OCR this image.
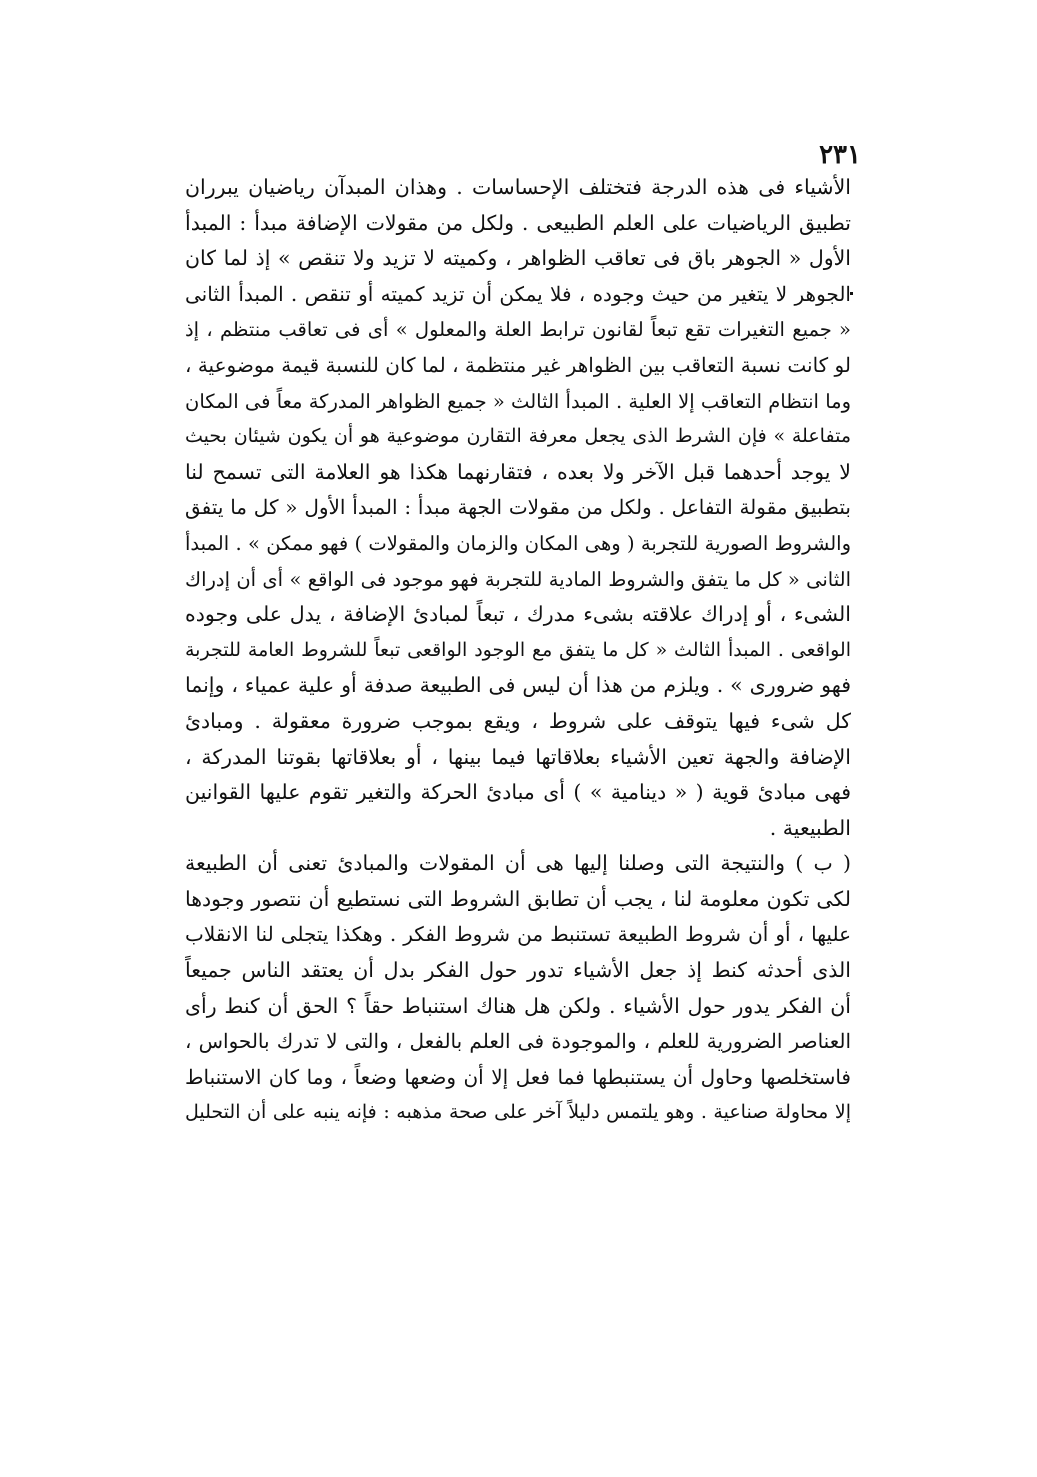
٢٣١

الأشياء فى هذه الدرجة فتختلف الإحساسات . وهذان المبدآن رياضيان يبرران
تطبيق الرياضيات على العلم الطبيعى . ولكل من مقولات الإضافة مبدأ : المبدأ
الأول « الجوهر باق فى تعاقب الظواهر ، وكميته لا تزيد ولا تنقص » إذ لما كان
الجوهر لا يتغير من حيث وجوده ، فلا يمكن أن تزيد كميته أو تنقص . المبدأ الثانى
« جميع التغيرات تقع تبعاً لقانون ترابط العلة والمعلول » أى فى تعاقب منتظم ، إذ
لو كانت نسبة التعاقب بين الظواهر غير منتظمة ، لما كان للنسبة قيمة موضوعية ،
وما انتظام التعاقب إلا العلية . المبدأ الثالث « جميع الظواهر المدركة معاً فى المكان
متفاعلة » فإن الشرط الذى يجعل معرفة التقارن موضوعية هو أن يكون شيئان بحيث
لا يوجد أحدهما قبل الآخر ولا بعده ، فتقارنهما هكذا هو العلامة التى تسمح لنا
بتطبيق مقولة التفاعل . ولكل من مقولات الجهة مبدأ : المبدأ الأول « كل ما يتفق
والشروط الصورية للتجربة ( وهى المكان والزمان والمقولات ) فهو ممكن » . المبدأ
الثانى « كل ما يتفق والشروط المادية للتجربة فهو موجود فى الواقع » أى أن إدراك
الشىء ، أو إدراك علاقته بشىء مدرك ، تبعاً لمبادئ الإضافة ، يدل على وجوده
الواقعى . المبدأ الثالث « كل ما يتفق مع الوجود الواقعى تبعاً للشروط العامة للتجربة
فهو ضرورى » . ويلزم من هذا أن ليس فى الطبيعة صدفة أو علية عمياء ، وإنما
كل شىء فيها يتوقف على شروط ، ويقع بموجب ضرورة معقولة . ومبادئ
الإضافة والجهة تعين الأشياء بعلاقاتها فيما بينها ، أو بعلاقاتها بقوتنا المدركة ،
فهى مبادئ قوية ( « دينامية » ) أى مبادئ الحركة والتغير تقوم عليها القوانين
الطبيعية .

( ب ) والنتيجة التى وصلنا إليها هى أن المقولات والمبادئ تعنى أن الطبيعة
لكى تكون معلومة لنا ، يجب أن تطابق الشروط التى نستطيع أن نتصور وجودها
عليها ، أو أن شروط الطبيعة تستنبط من شروط الفكر . وهكذا يتجلى لنا الانقلاب
الذى أحدثه كنط إذ جعل الأشياء تدور حول الفكر بدل أن يعتقد الناس جميعاً
أن الفكر يدور حول الأشياء . ولكن هل هناك استنباط حقاً ؟ الحق أن كنط رأى
العناصر الضرورية للعلم ، والموجودة فى العلم بالفعل ، والتى لا تدرك بالحواس ،
فاستخلصها وحاول أن يستنبطها فما فعل إلا أن وضعها وضعاً ، وما كان الاستنباط
إلا محاولة صناعية . وهو يلتمس دليلاً آخر على صحة مذهبه : فإنه ينبه على أن التحليل
